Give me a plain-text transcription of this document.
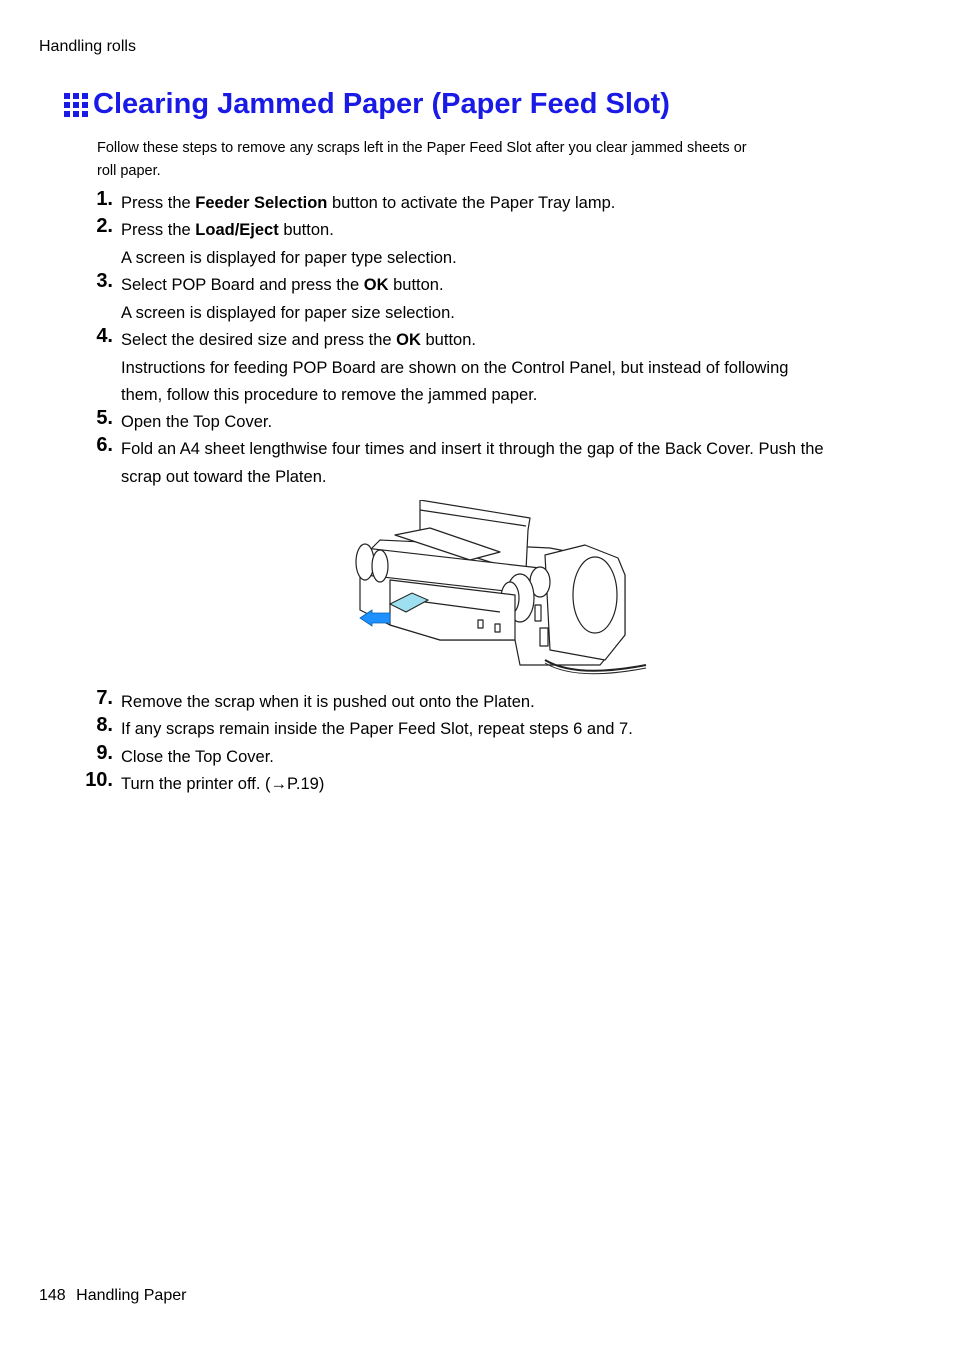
Handling rolls
Clearing Jammed Paper (Paper Feed Slot)
Follow these steps to remove any scraps left in the Paper Feed Slot after you clear jammed sheets or
roll paper.
1. Press the Feeder Selection button to activate the Paper Tray lamp.
2. Press the Load/Eject button.
A screen is displayed for paper type selection.
3. Select POP Board and press the OK button.
A screen is displayed for paper size selection.
4. Select the desired size and press the OK button.
Instructions for feeding POP Board are shown on the Control Panel, but instead of following
them, follow this procedure to remove the jammed paper.
5. Open the Top Cover.
6. Fold an A4 sheet lengthwise four times and insert it through the gap of the Back Cover. Push the
scrap out toward the Platen.
7. Remove the scrap when it is pushed out onto the Platen.
8. If any scraps remain inside the Paper Feed Slot, repeat steps 6 and 7.
9. Close the Top Cover.
10. Turn the printer off. (→P.19)
148 Handling Paper
